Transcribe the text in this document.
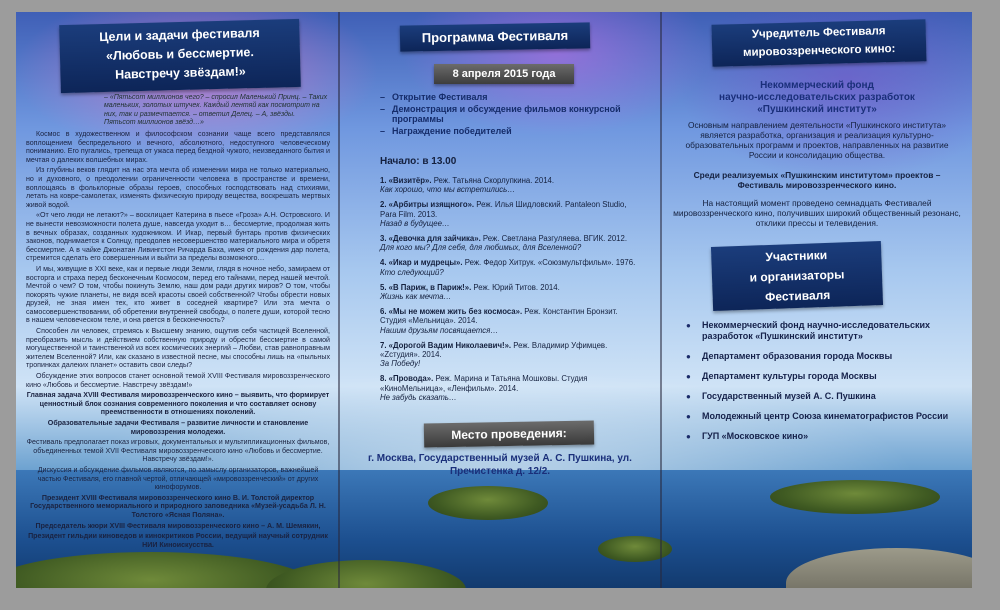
Цели и задачи фестиваля
«Любовь и бессмертие.
Навстречу звёздам!»
– «Пятьсот миллионов чего? – спросил Маленький Принц. – Таких маленьких, золотых штучек. Каждый лентяй как посмотрит на них, так и размечтается. – ответил Делец. – А, звёзды. Пятьсот миллионов звёзд…»

Космос в художественном и философском сознании чаще всего представлялся воплощением беспредельного и вечного, абсолютного, недоступного человеческому пониманию. Его пугались, трепеща от ужаса перед бездной чужого, неизведанного бытия и мечтая о далеких волшебных мирах.

Из глубины веков глядит на нас эта мечта об изменении мира не только материально, но и духовного, о преодолении ограниченности человека в пространстве и времени, воплощаясь в фольклорные образы героев, способных господствовать над стихиями, летать на ковре-самолетах, изменять физическую природу вещества, воскрешать мертвых живой водой.

«От чего люди не летают?» – восклицает Катерина в пьесе «Гроза» А.Н. Островского. И не вынести невозможности полета душе, навсегда уходит в… бессмертие, продолжая жить в вечных образах, созданных художником. И Икар, первый бунтарь против физических законов, поднимается к Солнцу, преодолев несовершенство материального мира и обретя бессмертие. А в чайке Джонатан Ливингстон Ричарда Баха, имея от рождения дар полета, стремится сделать его совершенным и выйти за пределы возможного…

И мы, живущие в XXI веке, как и первые люди Земли, глядя в ночное небо, замираем от восторга и страха перед бесконечным Космосом, перед его тайнами, перед нашей мечтой. Мечтой о чем? О том, чтобы покинуть Землю, наш дом ради других миров? О том, чтобы покорять чужие планеты, не видя всей красоты своей собственной? Чтобы обрести новых друзей, не зная имен тех, кто живет в соседней квартире? Или эта мечта о самосовершенствовании, об обретении внутренней свободы, о полете души, которой тесно в нашем человеческом теле, и она рвется в бесконечность?

Способен ли человек, стремясь к Высшему знанию, ощутив себя частицей Вселенной, преобразить мысль и действием собственную природу и обрести бессмертие в самой могущественной и таинственной из всех космических энергий – Любви, став равноправным жителем Вселенной? Или, как сказано в известной песне, мы способны лишь на «пыльных тропинках далеких планет» оставить свои следы?

Обсуждение этих вопросов станет основной темой XVIII Фестиваля мировоззренческого кино «Любовь и бессмертие. Навстречу звёздам!»

Главная задача XVIII Фестиваля мировоззренческого кино – выявить, что формирует ценностный блок сознания современного поколения и что составляет основу преемственности в отношениях поколений.

Образовательные задачи Фестиваля – развитие личности и становление мировоззрения молодежи.

Фестиваль предполагает показ игровых, документальных и мультипликационных фильмов, объединенных темой XVII Фестиваля мировоззренческого кино «Любовь и бессмертие. Навстречу звёздам!».

Дискуссия и обсуждение фильмов являются, по замыслу организаторов, важнейшей частью Фестиваля, его главной чертой, отличающей «мировоззренческий» от других кинофорумов.

Президент XVIII Фестиваля мировоззренческого кино В. И. Толстой директор Государственного мемориального и природного заповедника «Музей-усадьба Л. Н. Толстого «Ясная Поляна».

Председатель жюри XVIII Фестиваля мировоззренческого кино – А. М. Шемякин,

Президент гильдии киноведов и кинокритиков России, ведущий научный сотрудник НИИ Киноискусства.

Программа Фестиваля
8 апреля 2015 года
– Открытие Фестиваля
– Демонстрация и обсуждение фильмов конкурсной программы
– Награждение победителей
Начало: в 13.00
1. «Визитёр». Реж. Татьяна Скорлупкина. 2014.
Как хорошо, что мы встретились…
2. «Арбитры изящного». Реж. Илья Шидловский. Pantaleon Studio, Para Film. 2013.
Назад в будущее…
3. «Девочка для зайчика». Реж. Светлана Разгуляева. ВГИК. 2012.
Для кого мы? Для себя, для любимых, для Вселенной?
4. «Икар и мудрецы». Реж. Федор Хитрук. «Союзмультфильм». 1976.
Кто следующий?
5. «В Париж, в Париж!». Реж. Юрий Титов. 2014.
Жизнь как мечта…
6. «Мы не можем жить без космоса». Реж. Константин Бронзит. Студия «Мельница». 2014.
Нашим друзьям посвящается…
7. «Дорогой Вадим Николаевич!». Реж. Владимир Уфимцев. «Zстудия». 2014.
За Победу!
8. «Провода». Реж. Марина и Татьяна Мошковы. Студия «КиноМельница», «Ленфильм». 2014.
Не забудь сказать…
Место проведения:
г. Москва, Государственный музей А. С. Пушкина, ул. Пречистенка д. 12/2.
Учредитель Фестиваля
мировоззренческого кино:
Некоммерческий фонд
научно-исследовательских разработок
«Пушкинский институт»
Основным направлением деятельности «Пушкинского института» является разработка, организация и реализация культурно-образовательных программ и проектов, направленных на развитие России и консолидацию общества.
Среди реализуемых «Пушкинским институтом» проектов – Фестиваль мировоззренческого кино.
На настоящий момент проведено семнадцать Фестивалей мировоззренческого кино, получивших широкий общественный резонанс, отклики прессы и телевидения.
Участники
и организаторы
Фестиваля
● Некоммерческий фонд научно-исследовательских разработок «Пушкинский институт»
● Департамент образования города Москвы
● Департамент культуры города Москвы
● Государственный музей А. С. Пушкина
● Молодежный центр Союза кинематографистов России
● ГУП «Московское кино»
